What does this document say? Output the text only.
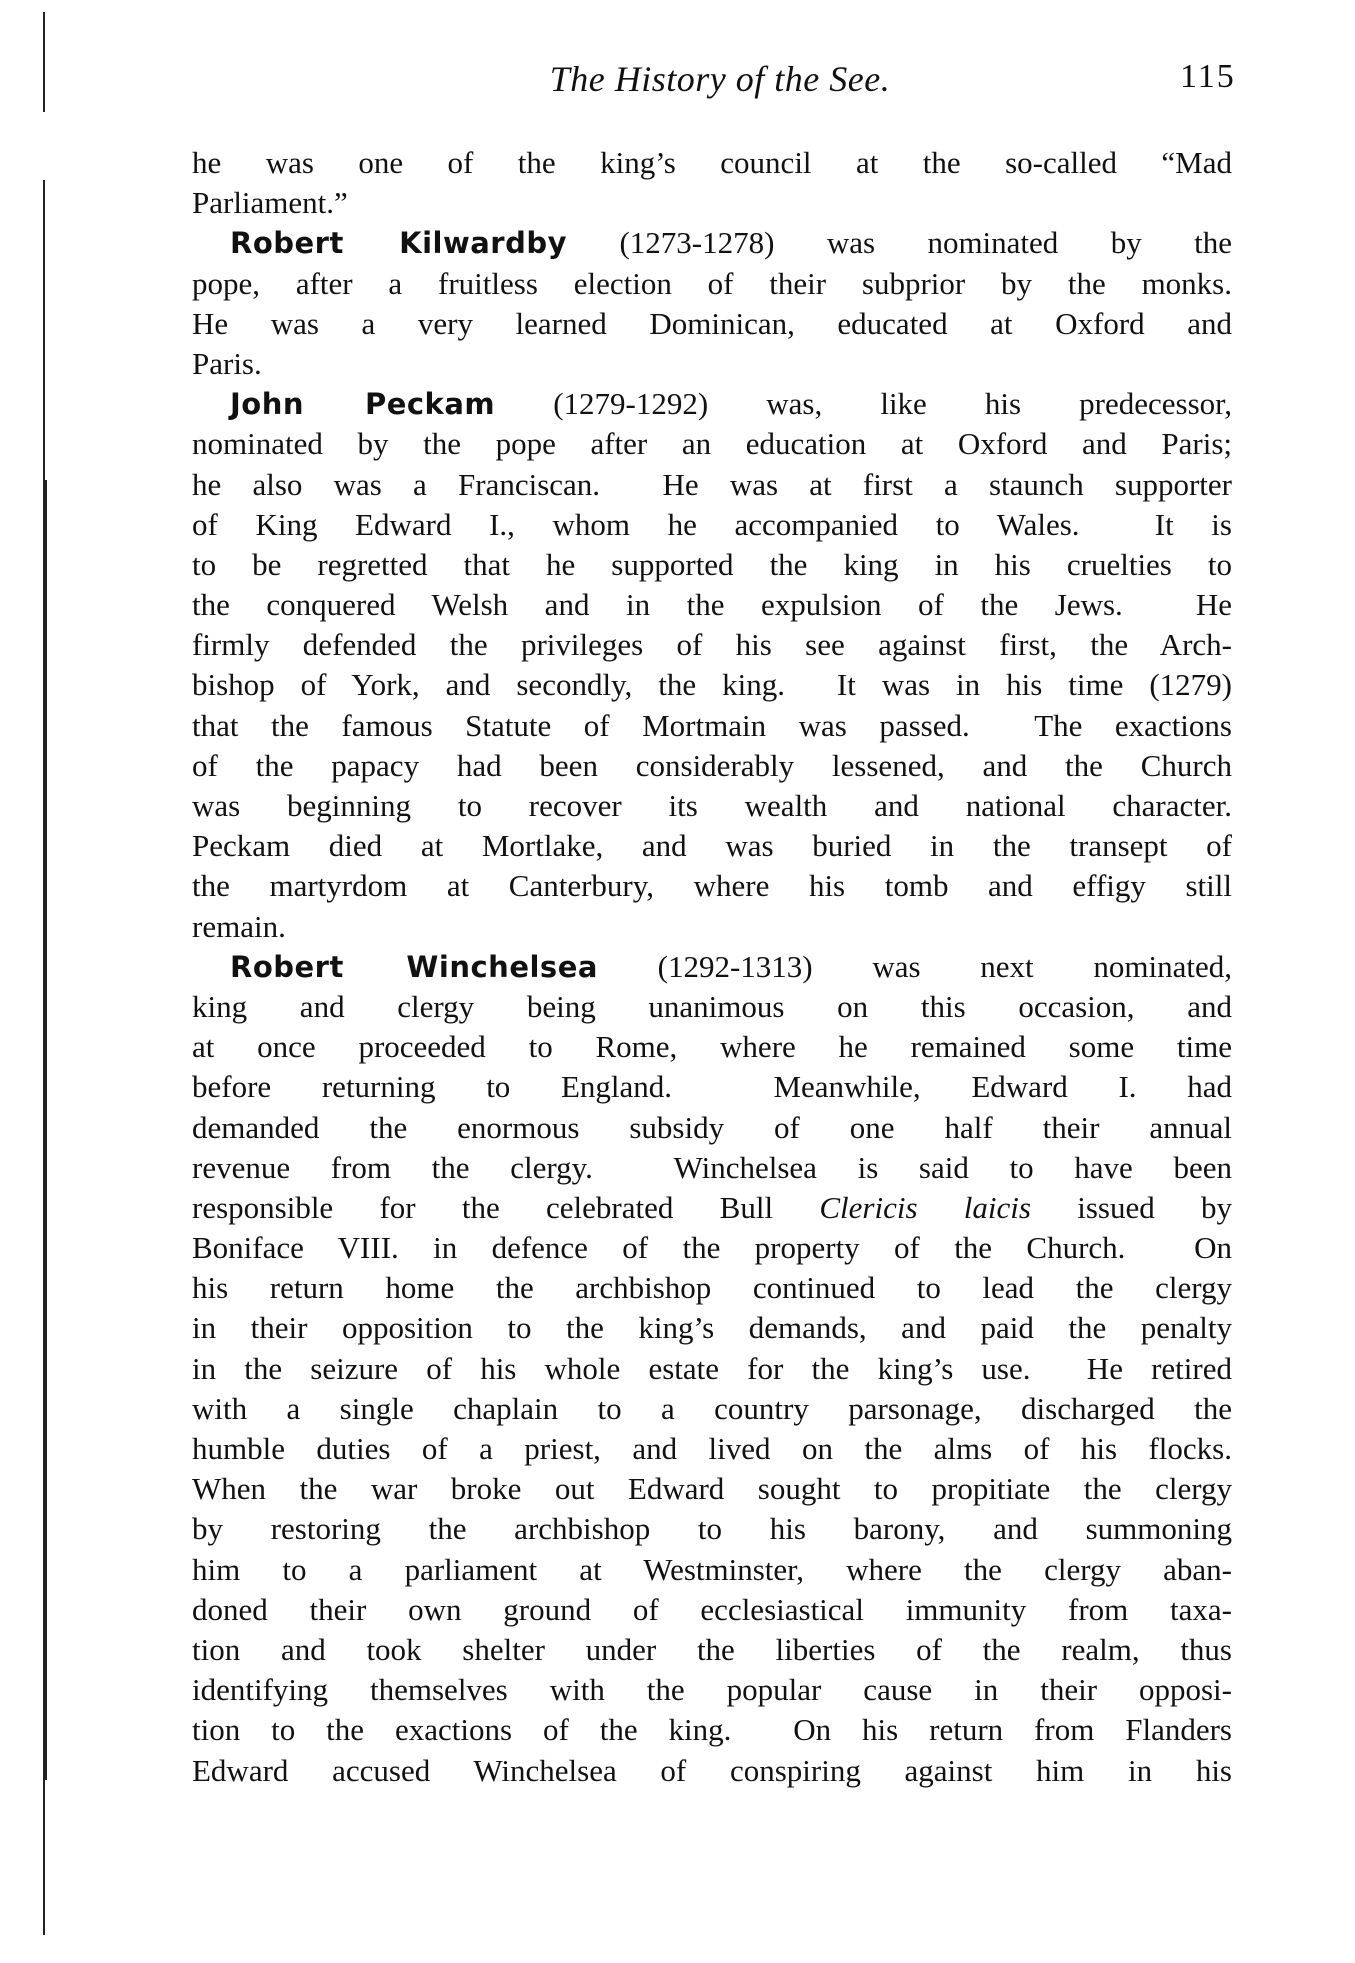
The History of the See.	115
he was one of the king’s council at the so-called “Mad
Parliament.”
Robert Kilwardby (1273-1278) was nominated by the
pope, after a fruitless election of their subprior by the monks.
He was a very learned Dominican, educated at Oxford and
Paris.
John Peckam (1279-1292) was, like his predecessor,
nominated by the pope after an education at Oxford and Paris;
he also was a Franciscan.  He was at first a staunch supporter
of King Edward I., whom he accompanied to Wales.  It is
to be regretted that he supported the king in his cruelties to
the conquered Welsh and in the expulsion of the Jews.  He
firmly defended the privileges of his see against first, the Arch-
bishop of York, and secondly, the king.  It was in his time (1279)
that the famous Statute of Mortmain was passed.  The exactions
of the papacy had been considerably lessened, and the Church
was beginning to recover its wealth and national character.
Peckam died at Mortlake, and was buried in the transept of
the martyrdom at Canterbury, where his tomb and effigy still
remain.
Robert Winchelsea (1292-1313) was next nominated,
king and clergy being unanimous on this occasion, and
at once proceeded to Rome, where he remained some time
before returning to England.  Meanwhile, Edward I. had
demanded the enormous subsidy of one half their annual
revenue from the clergy.  Winchelsea is said to have been
responsible for the celebrated Bull Clericis laicis issued by
Boniface VIII. in defence of the property of the Church.  On
his return home the archbishop continued to lead the clergy
in their opposition to the king’s demands, and paid the penalty
in the seizure of his whole estate for the king’s use.  He retired
with a single chaplain to a country parsonage, discharged the
humble duties of a priest, and lived on the alms of his flocks.
When the war broke out Edward sought to propitiate the clergy
by restoring the archbishop to his barony, and summoning
him to a parliament at Westminster, where the clergy aban-
doned their own ground of ecclesiastical immunity from taxa-
tion and took shelter under the liberties of the realm, thus
identifying themselves with the popular cause in their opposi-
tion to the exactions of the king.  On his return from Flanders
Edward accused Winchelsea of conspiring against him in his
